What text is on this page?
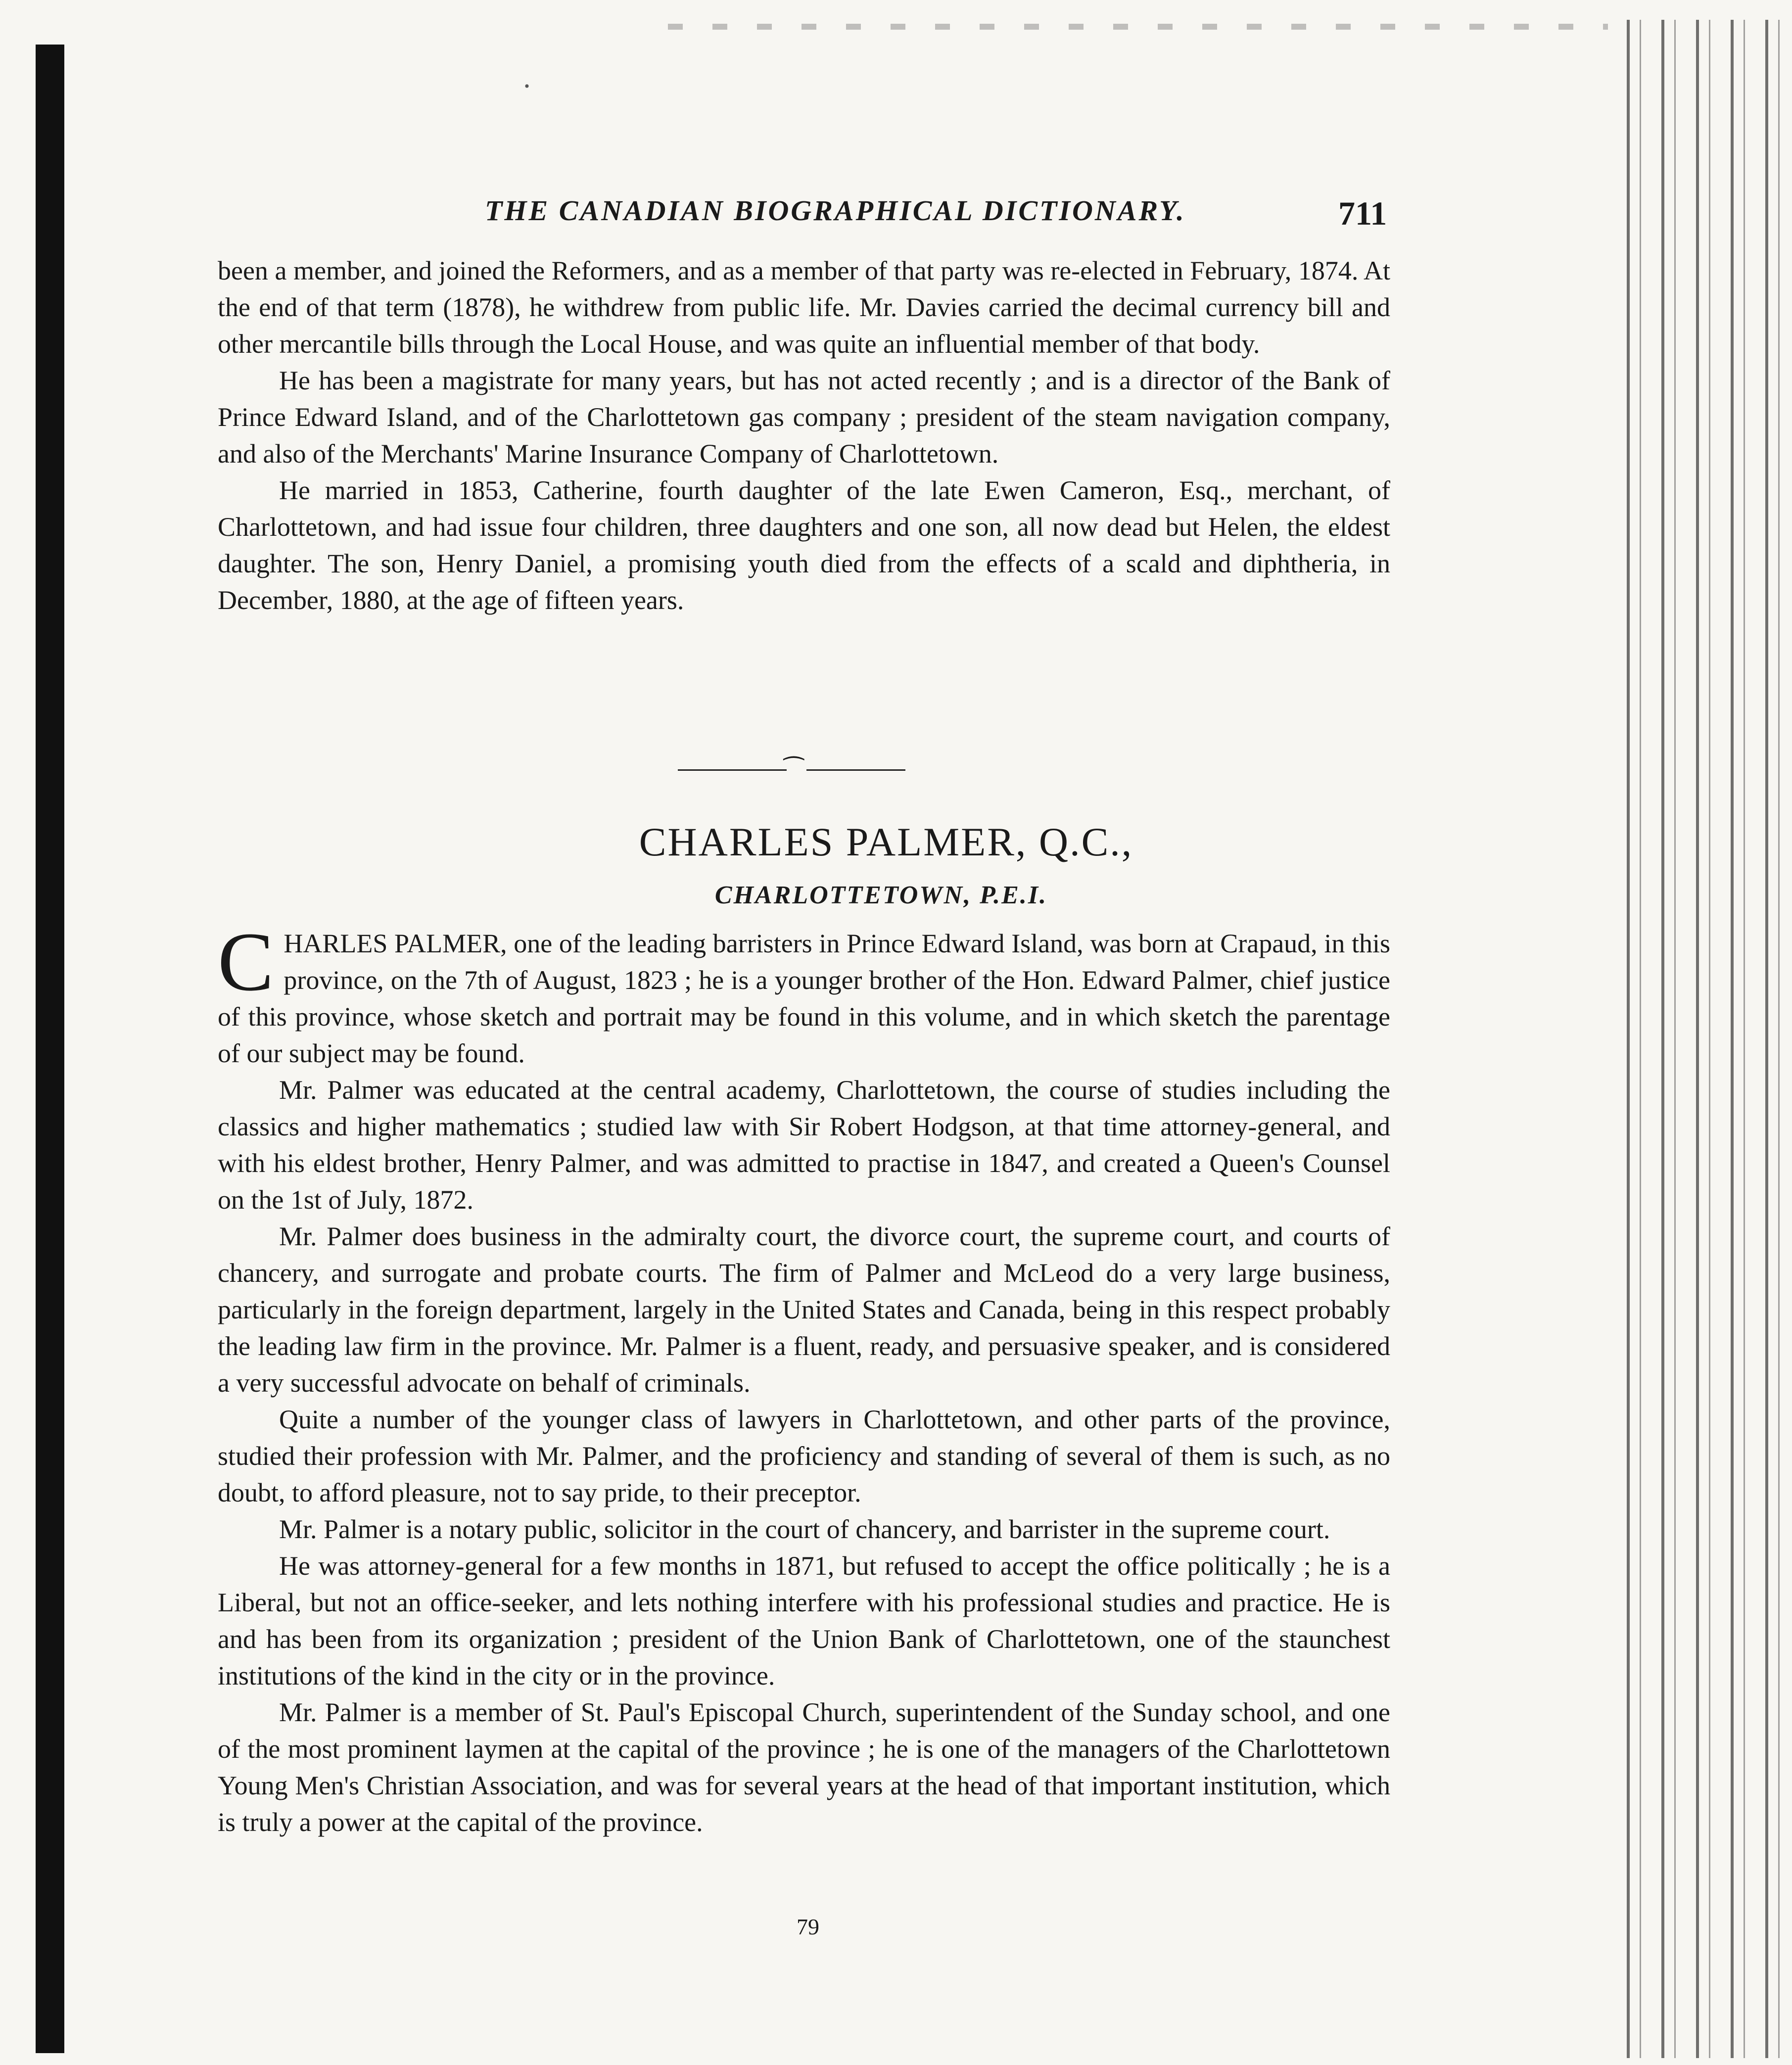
·
THE CANADIAN BIOGRAPHICAL DICTIONARY.	711

been a member, and joined the Reformers, and as a member of that party was re-elected in February, 1874. At the end of that term (1878), he withdrew from public life. Mr. Davies carried the decimal currency bill and other mercantile bills through the Local House, and was quite an influential member of that body.

He has been a magistrate for many years, but has not acted recently ; and is a director of the Bank of Prince Edward Island, and of the Charlottetown gas company ; president of the steam navigation company, and also of the Merchants' Marine Insurance Company of Charlottetown.

He married in 1853, Catherine, fourth daughter of the late Ewen Cameron, Esq., merchant, of Charlottetown, and had issue four children, three daughters and one son, all now dead but Helen, the eldest daughter. The son, Henry Daniel, a promising youth died from the effects of a scald and diphtheria, in December, 1880, at the age of fifteen years.

⁀
CHARLES PALMER, Q.C.,
CHARLOTTETOWN, P.E.I.

CHARLES PALMER, one of the leading barristers in Prince Edward Island, was born at Crapaud, in this province, on the 7th of August, 1823 ; he is a younger brother of the Hon. Edward Palmer, chief justice of this province, whose sketch and portrait may be found in this volume, and in which sketch the parentage of our subject may be found.

Mr. Palmer was educated at the central academy, Charlottetown, the course of studies including the classics and higher mathematics ; studied law with Sir Robert Hodgson, at that time attorney-general, and with his eldest brother, Henry Palmer, and was admitted to practise in 1847, and created a Queen's Counsel on the 1st of July, 1872.

Mr. Palmer does business in the admiralty court, the divorce court, the supreme court, and courts of chancery, and surrogate and probate courts. The firm of Palmer and McLeod do a very large business, particularly in the foreign department, largely in the United States and Canada, being in this respect probably the leading law firm in the province. Mr. Palmer is a fluent, ready, and persuasive speaker, and is considered a very successful advocate on behalf of criminals.

Quite a number of the younger class of lawyers in Charlottetown, and other parts of the province, studied their profession with Mr. Palmer, and the proficiency and standing of several of them is such, as no doubt, to afford pleasure, not to say pride, to their preceptor.

Mr. Palmer is a notary public, solicitor in the court of chancery, and barrister in the supreme court.

He was attorney-general for a few months in 1871, but refused to accept the office politically ; he is a Liberal, but not an office-seeker, and lets nothing interfere with his professional studies and practice. He is and has been from its organization ; president of the Union Bank of Charlottetown, one of the staunchest institutions of the kind in the city or in the province.

Mr. Palmer is a member of St. Paul's Episcopal Church, superintendent of the Sunday school, and one of the most prominent laymen at the capital of the province ; he is one of the managers of the Charlottetown Young Men's Christian Association, and was for several years at the head of that important institution, which is truly a power at the capital of the province.

79
